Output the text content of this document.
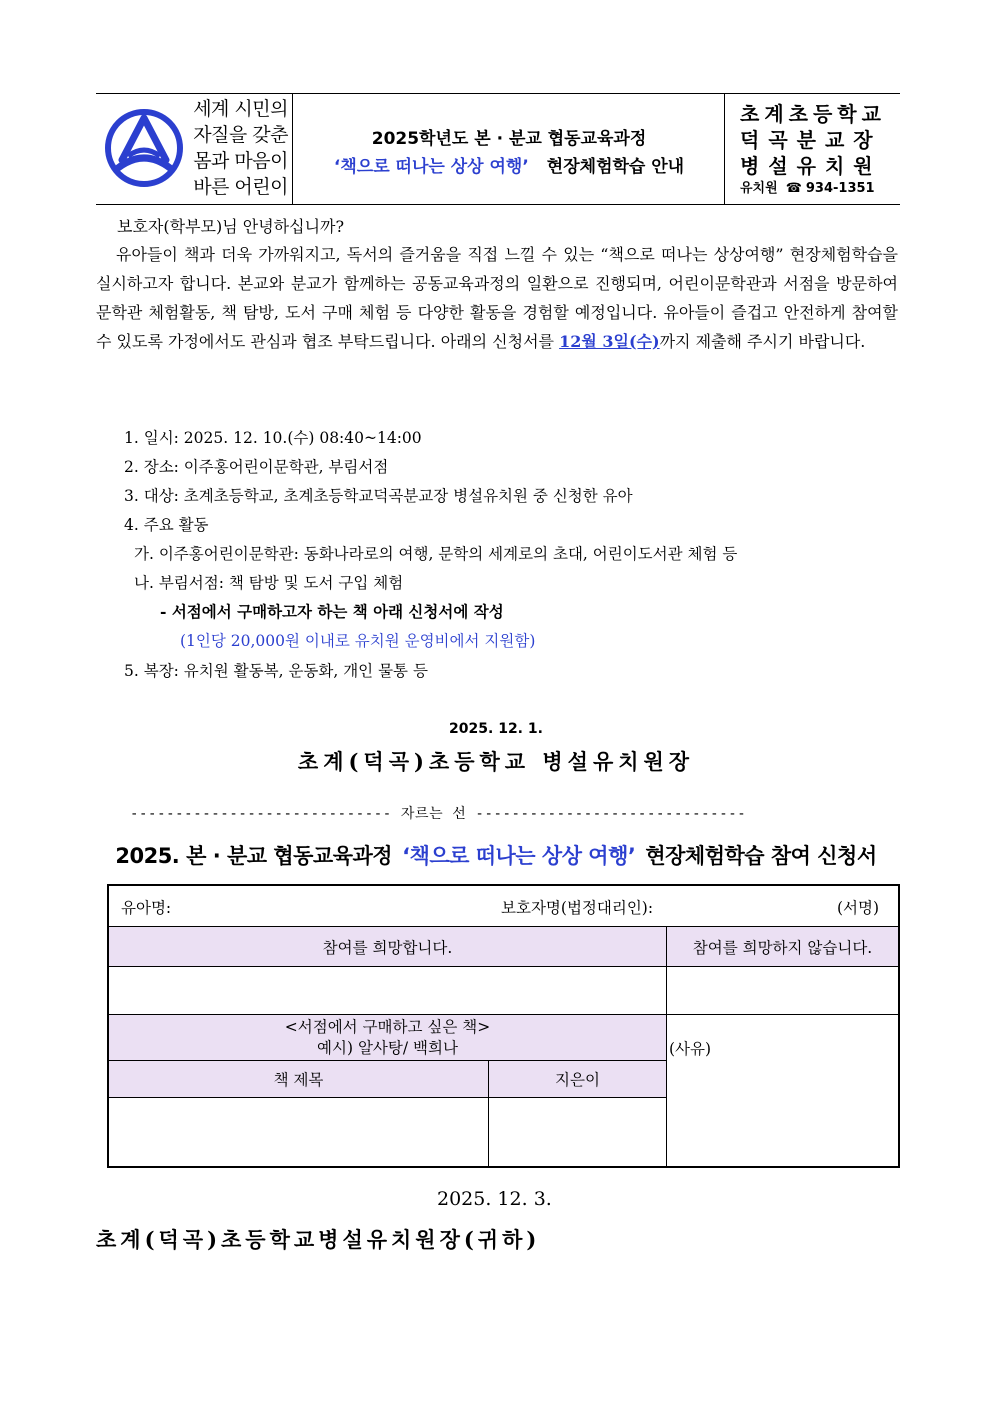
세계 시민의
자질을 갖춘
몸과 마음이
바른 어린이
2025학년도 본 · 분교 협동교육과정
‘책으로 떠나는 상상 여행’ 현장체험학습 안내
초계초등학교
덕곡분교장
병설유치원
유치원 ☎ 934-1351
보호자(학부모)님 안녕하십니까?
유아들이 책과 더욱 가까워지고, 독서의 즐거움을 직접 느낄 수 있는 “책으로 떠나는 상상여행” 현장체험학습을 실시하고자 합니다. 본교와 분교가 함께하는 공동교육과정의 일환으로 진행되며, 어린이문학관과 서점을 방문하여 문학관 체험활동, 책 탐방, 도서 구매 체험 등 다양한 활동을 경험할 예정입니다. 유아들이 즐겁고 안전하게 참여할 수 있도록 가정에서도 관심과 협조 부탁드립니다. 아래의 신청서를 12월 3일(수)까지 제출해 주시기 바랍니다.
1. 일시: 2025. 12. 10.(수) 08:40~14:00
2. 장소: 이주홍어린이문학관, 부림서점
3. 대상: 초계초등학교, 초계초등학교덕곡분교장 병설유치원 중 신청한 유아
4. 주요 활동
가. 이주홍어린이문학관: 동화나라로의 여행, 문학의 세계로의 초대, 어린이도서관 체험 등
나. 부림서점: 책 탐방 및 도서 구입 체험
- 서점에서 구매하고자 하는 책 아래 신청서에 작성
(1인당 20,000원 이내로 유치원 운영비에서 지원함)
5. 복장: 유치원 활동복, 운동화, 개인 물통 등
2025. 12. 1.
초계(덕곡)초등학교 병설유치원장
----------------------------- 자르는 선 ------------------------------
2025. 본 · 분교 협동교육과정 ‘책으로 떠나는 상상 여행’ 현장체험학습 참여 신청서
유아명:	보호자명(법정대리인):	(서명)
참여를 희망합니다.	참여를 희망하지 않습니다.
<서점에서 구매하고 싶은 책>
예시) 알사탕/ 백희나	(사유)
책 제목	지은이
2025. 12. 3.
초계(덕곡)초등학교병설유치원장(귀하)
